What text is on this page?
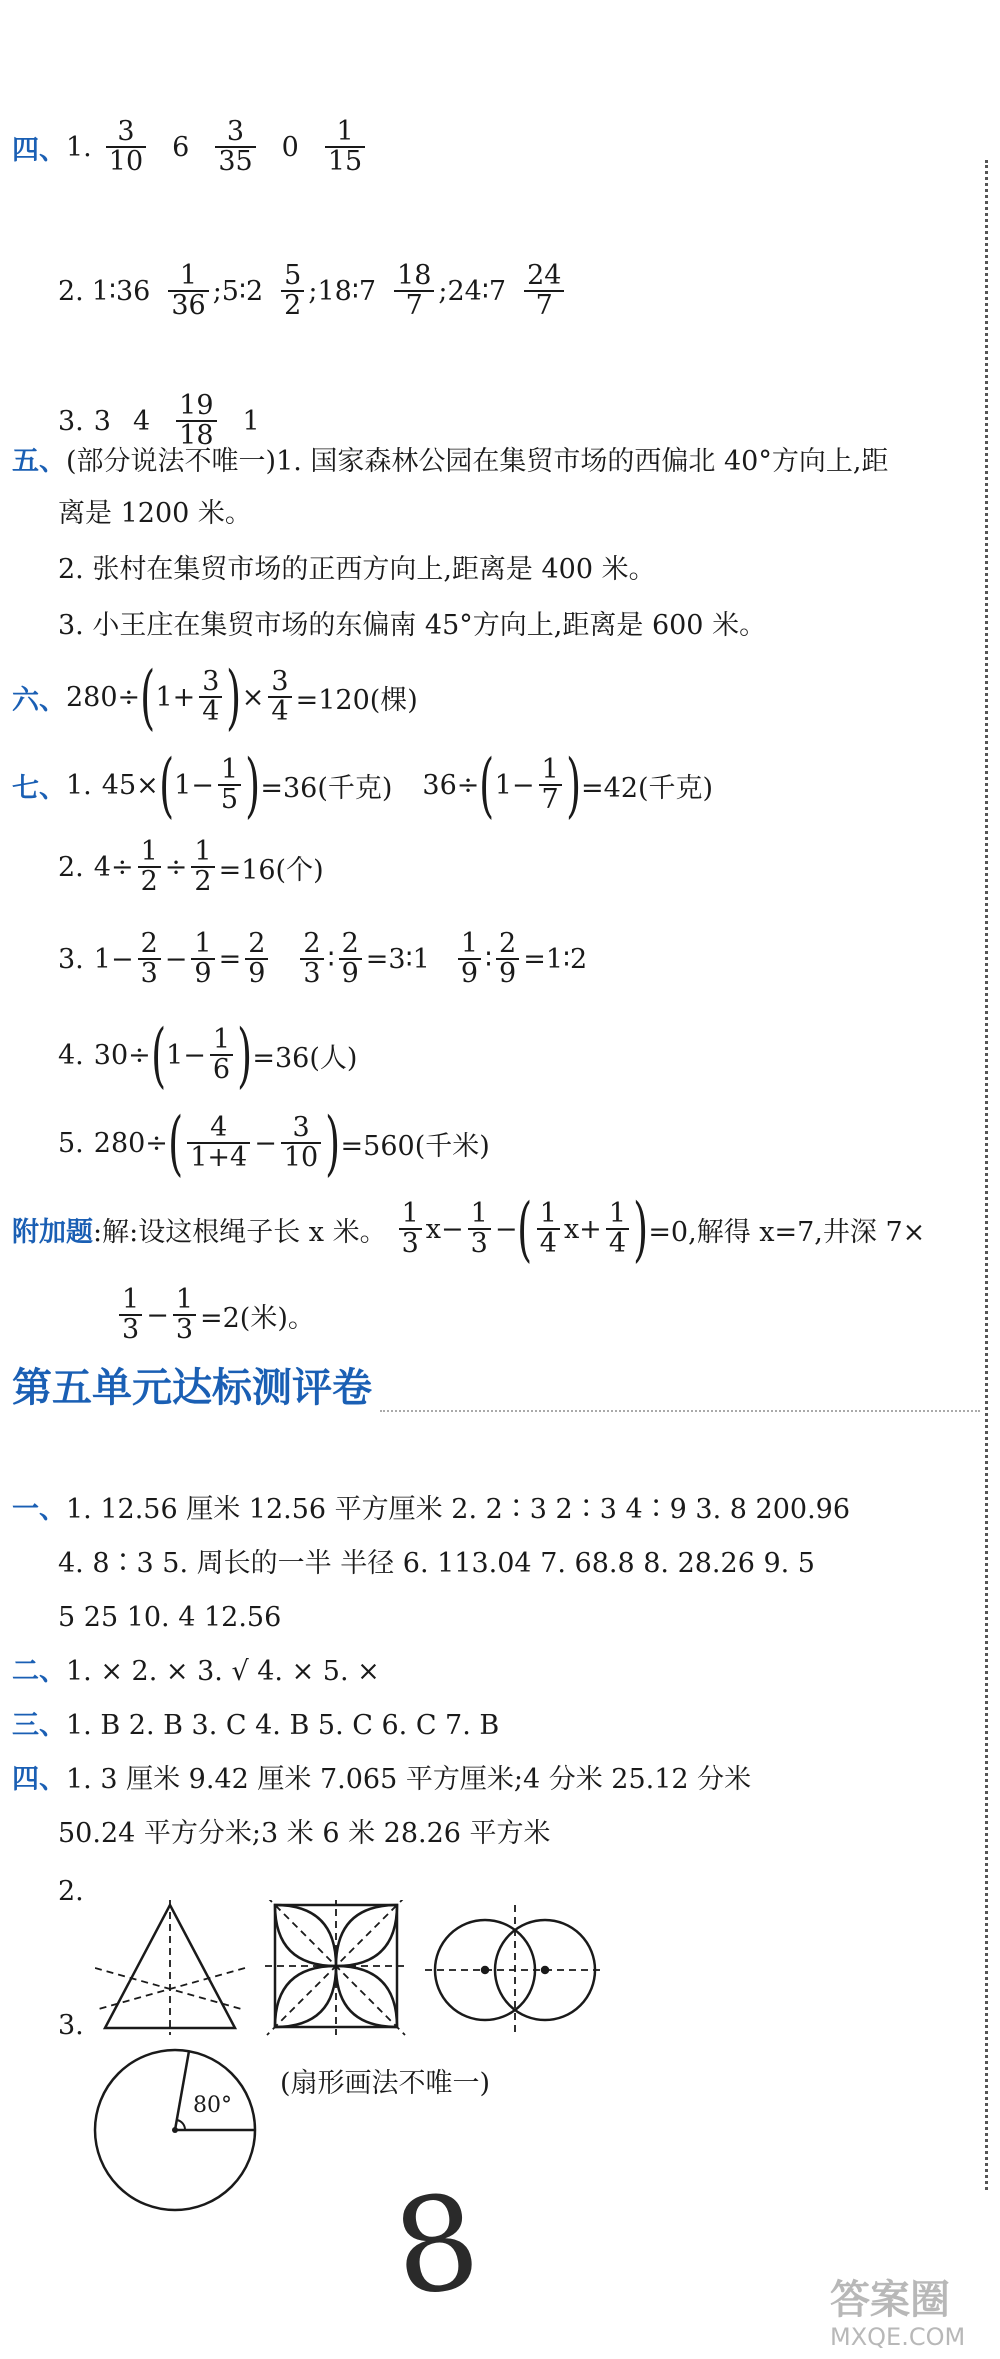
四、 1. $\frac{3}{10} 6 \frac{3}{35} 0 \frac{1}{15}$
2. 1∶36 $\frac{1}{36}$ ;5∶2 $\frac{5}{2}$ ;18∶7 $\frac{18}{7}$ ;24∶7 $\frac{24}{7}$
3. 3 $4 \frac{19}{18} 1$
五、(部分说法不唯一)1. 国家森林公园在集贸市场的西偏北 40°方向上,距
离是 1200 米。
2. 张村在集贸市场的正西方向上,距离是 400 米。
3. 小王庄在集贸市场的东偏南 45°方向上,距离是 600 米。
六、 280÷ ( $1+ \frac{3}{4}$ ) × $\frac{3}{4} =120$(棵)
七、 1. 45× ( $1- \frac{1}{5}$ ) =36(千克) 36÷ ( $1- \frac{1}{7}$ ) =42(千克)
2. $4\div \frac{1}{2} \div \frac{1}{2} =16$(个)
3. $1- \frac{2}{3} - \frac{1}{9} = \frac{2}{9} \frac{2}{3}$ ∶ $\frac{2}{9}$ =3∶1 $\frac{1}{9}$ ∶ $\frac{2}{9}$ =1∶2
4. 30÷ ( $1- \frac{1}{6}$ ) =36(人)
5. 280÷ ( $\frac{4}{1+4} - \frac{3}{10}$ ) =560(千米)
附加题 :解:设这根绳子长 x 米。 $\frac{1}{3} x- \frac{1}{3}$ − ( $\frac{1}{4} x+ \frac{1}{4}$ ) =0,解得 x=7,井深 7×
$\frac{1}{3} - \frac{1}{3} =2$(米)。
第五单元达标测评卷
一、1. 12.56 厘米 12.56 平方厘米 2. 2∶3 2∶3 4∶9 3. 8 200.96
4. 8∶3 5. 周长的一半 半径 6. 113.04 7. 68.8 8. 28.26 9. 5
5 25 10. 4 12.56
二、1. × 2. × 3. √ 4. × 5. ×
三、1. B 2. B 3. C 4. B 5. C 6. C 7. B
四、1. 3 厘米 9.42 厘米 7.065 平方厘米;4 分米 25.12 分米
50.24 平方分米;3 米 6 米 28.26 平方米
2.
3.
80°
(扇形画法不唯一)
8	答案圈
MXQE.COM
